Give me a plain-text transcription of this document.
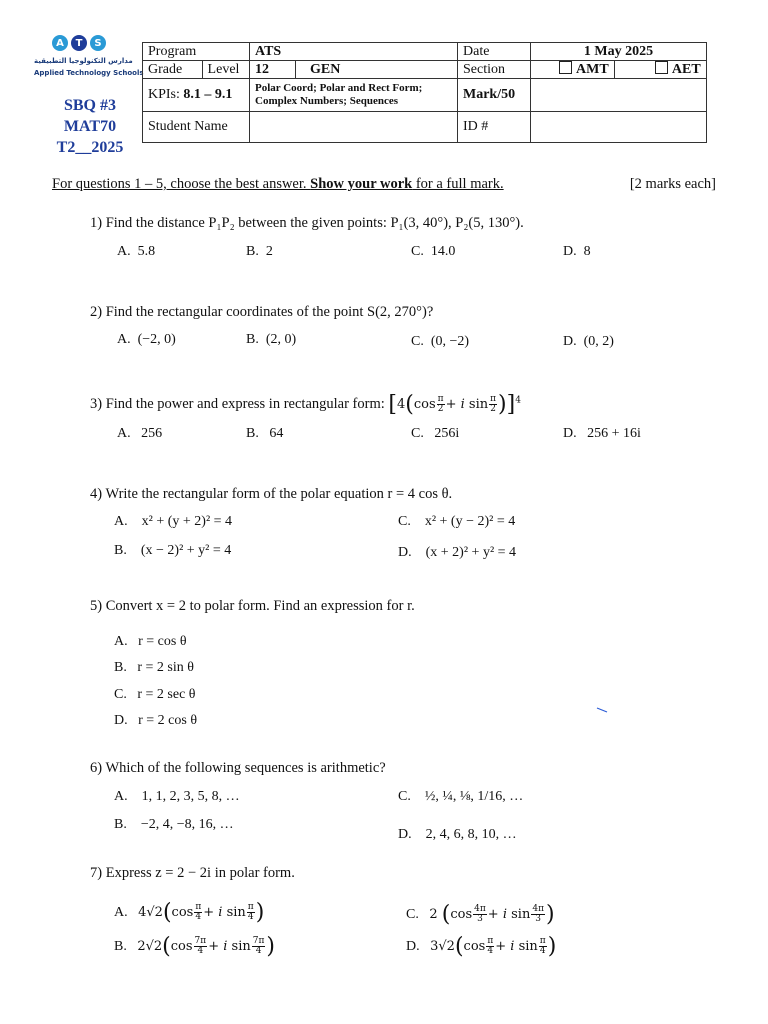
A	T	S
مدارس التكنولوجيا التطبيقية
Applied Technology Schools
SBQ #3
MAT70
T2__2025
Program		ATS		Date	1 May 2025	
Grade	Level	12	GEN	Section	AMT	AET
KPIs: 8.1 – 9.1		Polar Coord; Polar and Rect Form;
Complex Numbers; Sequences		Mark/50		
Student Name				ID #		
For questions 1 – 5, choose the best answer. Show your work for a full mark.	[2 marks each]
1) Find the distance P₁P₂ between the given points: P₁(3, 40°), P₂(5, 130°).
A. 5.8	B. 2	C. 14.0	D. 8
2) Find the rectangular coordinates of the point S(2, 270°)?
A. (−2, 0)	B. (2, 0)	C. (0, −2)	D. (0, 2)
3) Find the power and express in rectangular form: [$4(\cos \frac{\pi}{2} + i$ $\sin \frac{\pi}{2} )]^4$
A. 256	B. 64	C. 256i	D. 256 + 16i
4) Write the rectangular form of the polar equation r = 4 cos θ.
A. x² + (y + 2)² = 4
B. (x − 2)² + y² = 4
C. x² + (y − 2)² = 4
D. (x + 2)² + y² = 4
5) Convert x = 2 to polar form. Find an expression for r.
A. r = cos θ
B. r = 2 sin θ
C. r = 2 sec θ
D. r = 2 cos θ
6) Which of the following sequences is arithmetic?
A. 1, 1, 2, 3, 5, 8, …
B. −2, 4, −8, 16, …
C. ½, ¼, ⅛, 1/16, …
D. 2, 4, 6, 8, 10, …
7) Express z = 2 − 2i in polar form.
A. $4√2(\cos \frac{\pi}{4} + i$ $\sin \frac{\pi}{4}$ )
B. $2√2(\cos \frac{7\pi}{4} + i$ $\sin \frac{7\pi}{4}$ )
C. 2 ($\cos \frac{4\pi}{3} + i$ $\sin \frac{4\pi}{3}$ )
D. $3√2(\cos \frac{\pi}{4} + i$ $\sin \frac{\pi}{4}$ )
